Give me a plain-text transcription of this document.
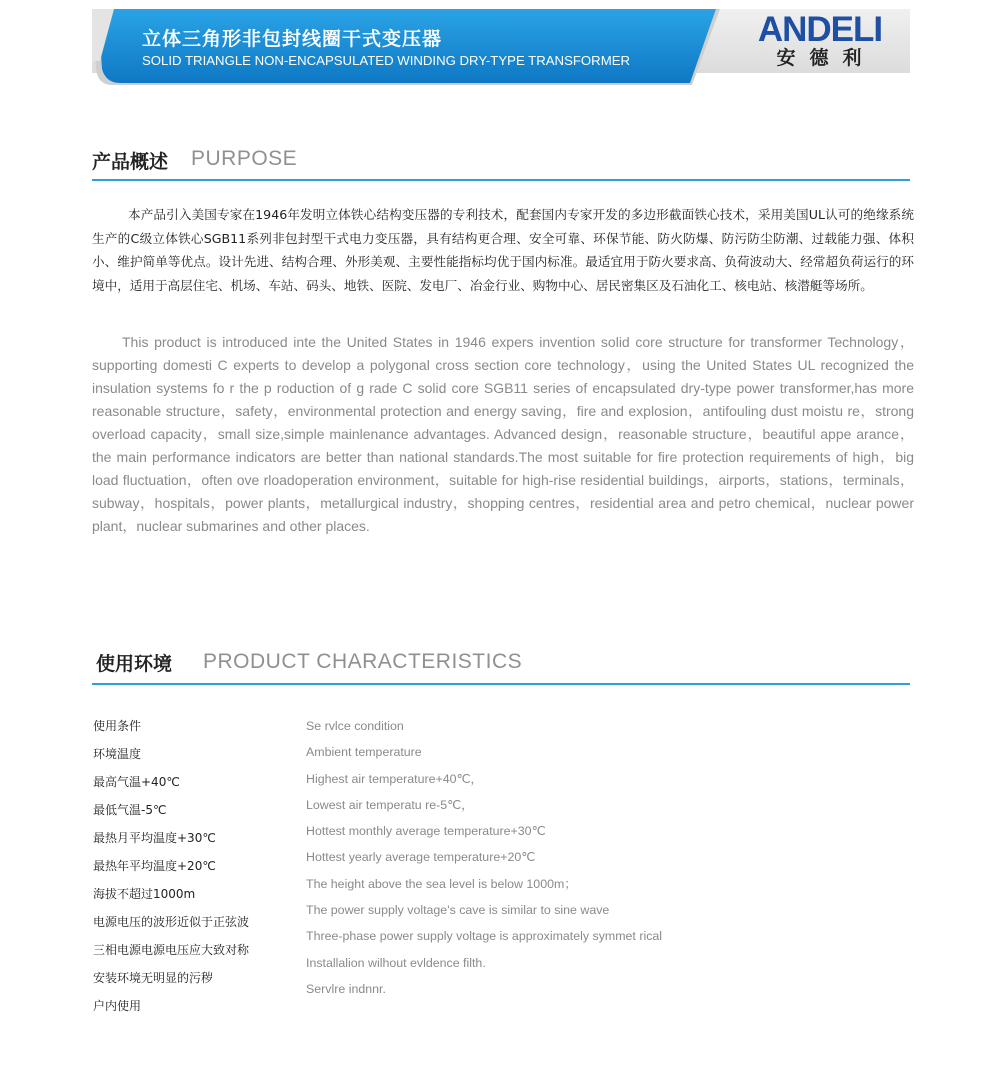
立体三角形非包封线圈干式变压器
SOLID TRIANGLE NON-ENCAPSULATED WINDING DRY-TYPE TRANSFORMER
ANDELI
安德利
产品概述 PURPOSE

本产品引入美国专家在1946年发明立体铁心结构变压器的专利技术，配套国内专家开发的多边形截面铁心技术，采用美国UL认可的绝缘系统生产的C级立体铁心SGB11系列非包封型干式电力变压器，具有结构更合理、安全可靠、环保节能、防火防爆、防污防尘防潮、过载能力强、体积小、维护简单等优点。设计先进、结构合理、外形美观、主要性能指标均优于国内标准。最适宜用于防火要求高、负荷波动大、经常超负荷运行的环境中，适用于高层住宅、机场、车站、码头、地铁、医院、发电厂、冶金行业、购物中心、居民密集区及石油化工、核电站、核潜艇等场所。

This product is introduced inte the United States in 1946 expers invention solid core structure for transformer Technology，supporting domesti C experts to develop a polygonal cross section core technology，using the United States UL recognized the insulation systems fo r the p roduction of g rade C solid core SGB11 series of encapsulated dry-type power transformer,has more reasonable structure，safety，environmental protection and energy saving，fire and explosion，antifouling dust moistu re，strong overload capacity，small size,simple mainlenance advantages. Advanced design，reasonable structure，beautiful appe arance，the main performance indicators are better than national standards.The most suitable for fire protection requirements of high，big load fluctuation，often ove rloadoperation environment，suitable for high-rise residential buildings，airports，stations，terminals，subway，hospitals，power plants，metallurgical industry，shopping centres，residential area and petro chemical，nuclear power plant，nuclear submarines and other places.

使用环境 PRODUCT CHARACTERISTICS
使用条件
环境温度
最高气温+40℃
最低气温-5℃
最热月平均温度+30℃
最热年平均温度+20℃
海拔不超过1000m
电源电压的波形近似于正弦波
三相电源电源电压应大致对称
安装环境无明显的污秽
户内使用
Se rvlce condition
Ambient temperature
Highest air temperature+40℃，
Lowest air temperatu re-5℃，
Hottest monthly average temperature+30℃
Hottest yearly average temperature+20℃
The height above the sea level is below 1000m；
The power supply voltage's cave is similar to sine wave
Three-phase power supply voltage is approximately symmet rical
Installalion wilhout evldence filth.
Servlre indnnr.
